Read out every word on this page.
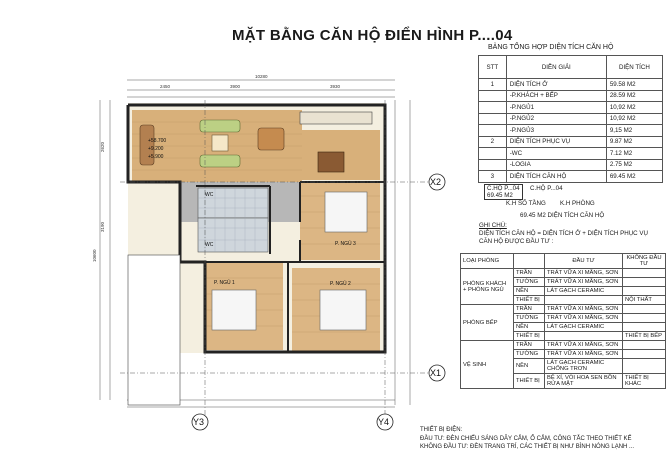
MẶT BẰNG CĂN HỘ ĐIỂN HÌNH P....04
10280
2450	3900	3930
2620
3190
10600
+58.700
+9.200
+5.900
P. NGỦ 3
P. NGỦ 1	P. NGỦ 2
WC
WC
X2
X1
Y3	Y4
BẢNG TỔNG HỢP DIỆN TÍCH CĂN HỘ
STT	DIỄN GIẢI	DIỆN TÍCH
1	DIỆN TÍCH Ở	59.58 M2
	-P.KHÁCH + BẾP	28.59 M2
	-P.NGỦ1	10,92 M2
	-P.NGỦ2	10,92 M2
	-P.NGỦ3	9,15 M2
2	DIỆN TÍCH PHỤC VỤ	9.87 M2
	-WC	7.12 M2
	-LOGIA	2.75 M2
3	DIỆN TÍCH CĂN HỘ	69.45 M2
C.HỘ P...04
69.45 M2
C.HỘ P...04
K.H SỐ TẦNG K.H PHÒNG
69.45 M2 DIỆN TÍCH CĂN HỘ
GHI CHÚ:
DIỆN TÍCH CĂN HỘ = DIỆN TÍCH Ở + DIỆN TÍCH PHỤC VỤ
CĂN HỘ ĐƯỢC ĐẦU TƯ :
LOẠI PHÒNG		ĐẦU TƯ	KHÔNG ĐẦU TƯ
PHÒNG KHÁCH + PHÒNG NGỦ	TRẦN	TRÁT VỮA XI MĂNG, SƠN	
	TƯỜNG	TRÁT VỮA XI MĂNG, SƠN	
	NỀN	LÁT GẠCH CERAMIC	
	THIẾT BỊ		NỘI THẤT
PHÒNG BẾP	TRẦN	TRÁT VỮA XI MĂNG, SƠN	
	TƯỜNG	TRÁT VỮA XI MĂNG, SƠN	
	NỀN	LÁT GẠCH CERAMIC	
	THIẾT BỊ		THIẾT BỊ BẾP
VỆ SINH	TRẦN	TRÁT VỮA XI MĂNG, SƠN	
	TƯỜNG	TRÁT VỮA XI MĂNG, SƠN	
	NỀN	LÁT GẠCH CERAMIC CHỐNG TRƠN	
	THIẾT BỊ	BỆ XÍ, VÒI HOA SEN BỒN RỬA MẶT	THIẾT BỊ KHÁC
THIẾT BỊ ĐIỆN:
ĐẦU TƯ: ĐÈN CHIẾU SÁNG DÂY CẮM, Ổ CẮM, CÔNG TẮC THEO THIẾT KẾ
KHÔNG ĐẦU TƯ: ĐÈN TRANG TRÍ, CÁC THIẾT BỊ NHƯ BÌNH NÓNG LẠNH ...
